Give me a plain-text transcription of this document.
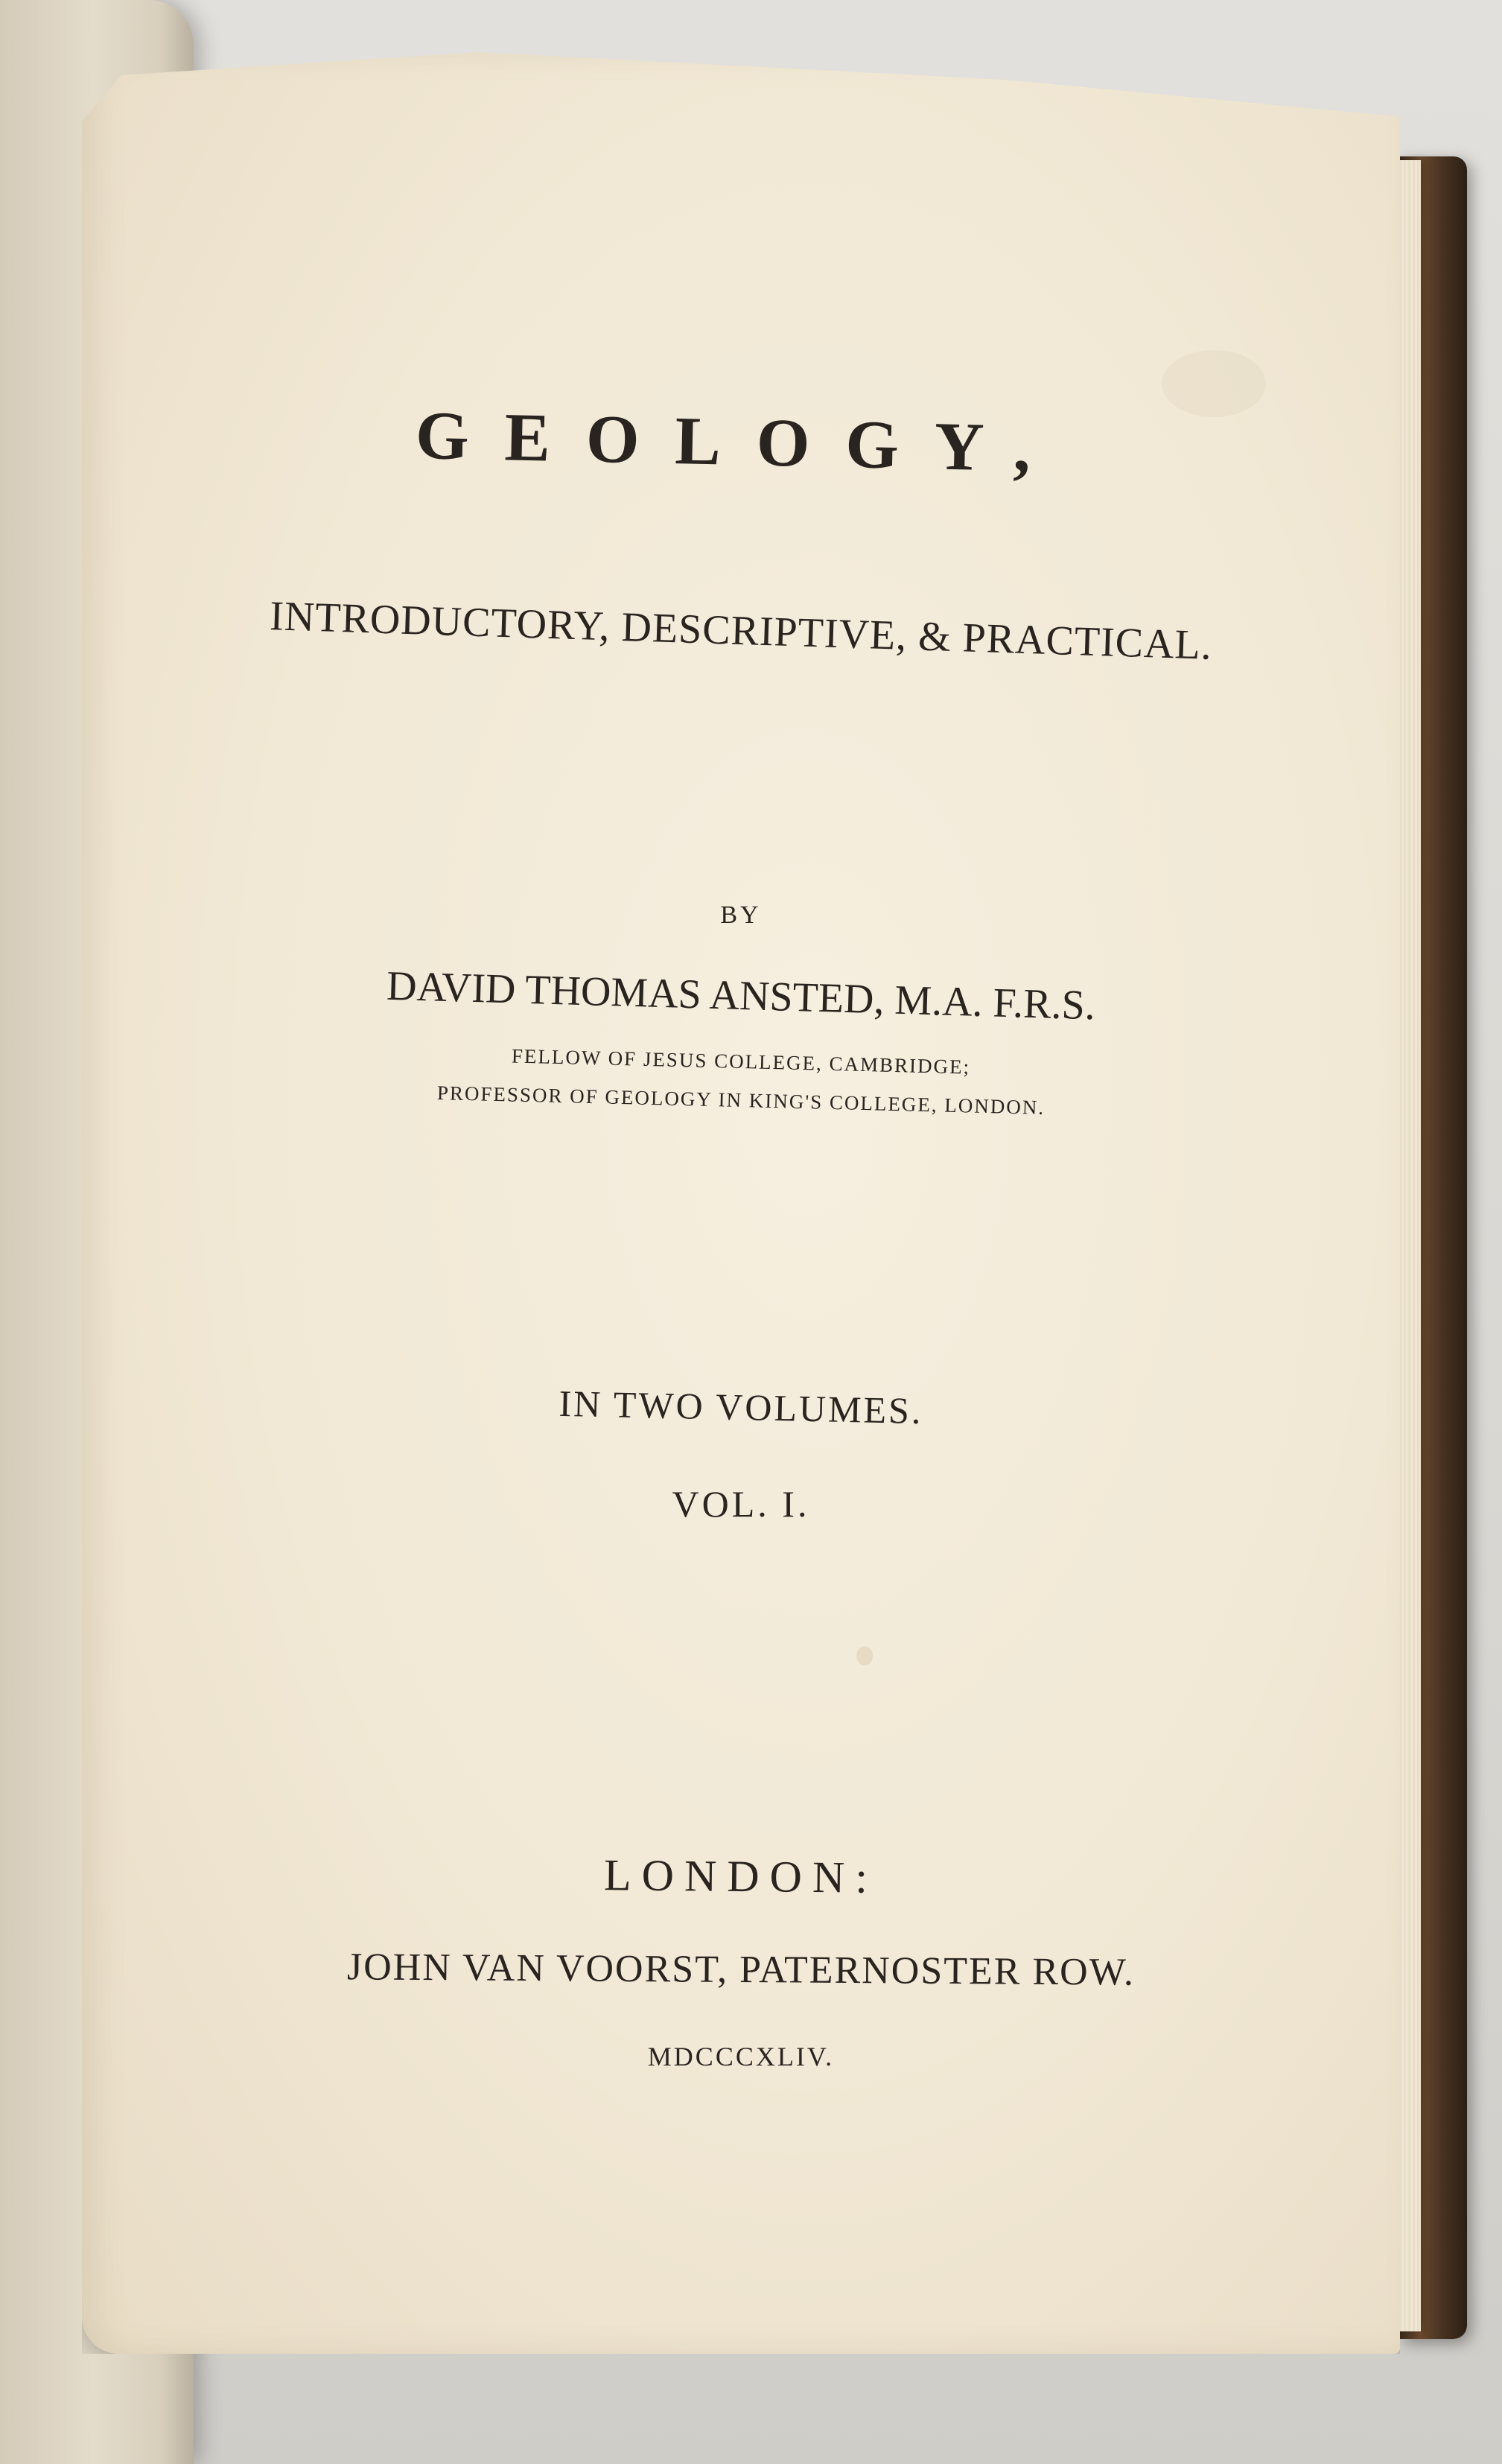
GEOLOGY,
INTRODUCTORY, DESCRIPTIVE, & PRACTICAL.
BY
DAVID THOMAS ANSTED, M.A. F.R.S.
FELLOW OF JESUS COLLEGE, CAMBRIDGE;
PROFESSOR OF GEOLOGY IN KING'S COLLEGE, LONDON.
IN TWO VOLUMES.
VOL. I.
LONDON:
JOHN VAN VOORST, PATERNOSTER ROW.
MDCCCXLIV.
